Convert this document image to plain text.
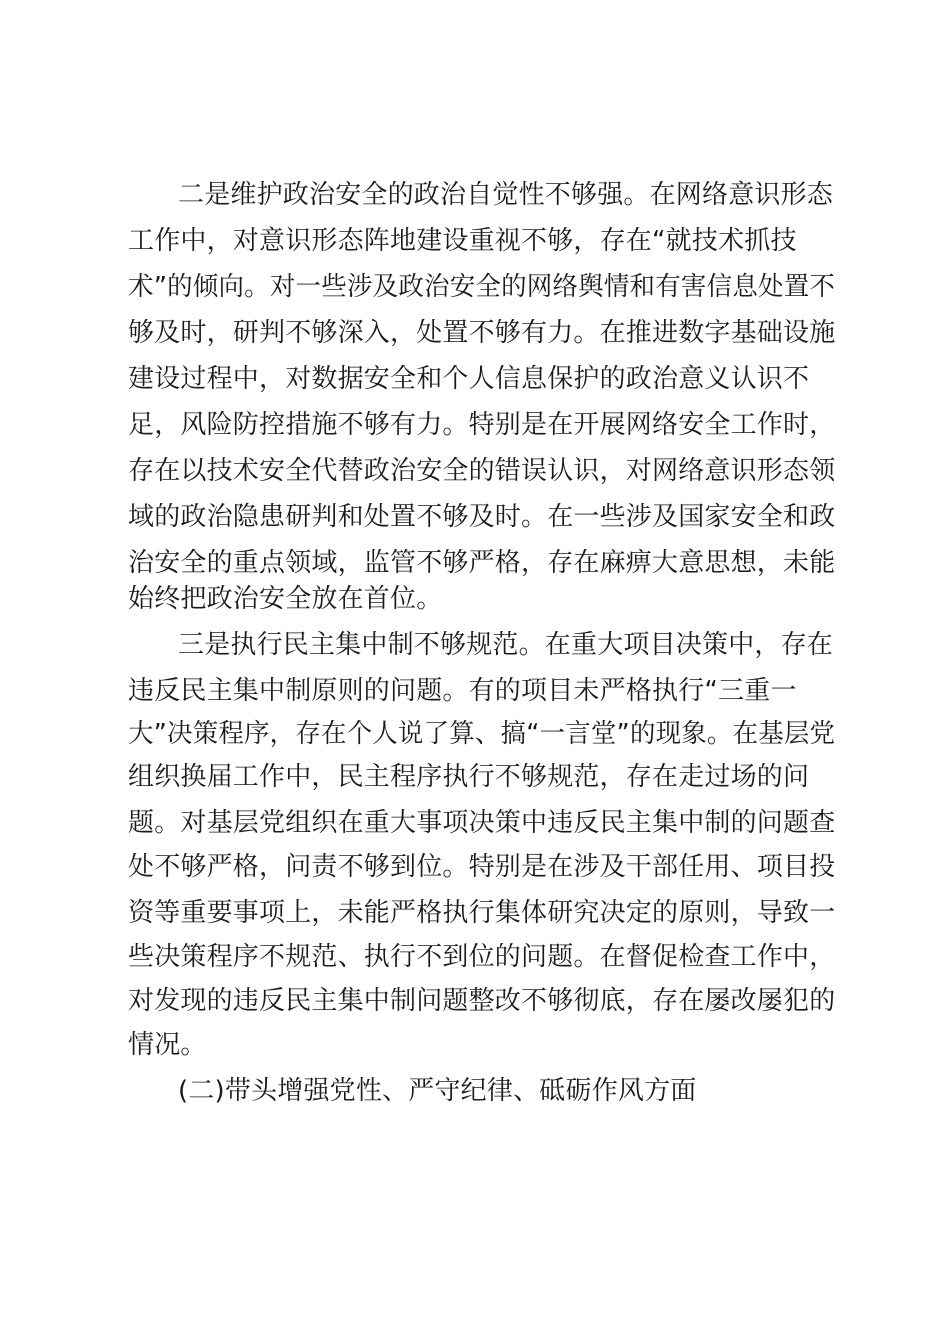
二是维护政治安全的政治自觉性不够强。在网络意识形态
工作中，对意识形态阵地建设重视不够，存在“就技术抓技
术”的倾向。对一些涉及政治安全的网络舆情和有害信息处置不
够及时，研判不够深入，处置不够有力。在推进数字基础设施
建设过程中，对数据安全和个人信息保护的政治意义认识不
足，风险防控措施不够有力。特别是在开展网络安全工作时，
存在以技术安全代替政治安全的错误认识，对网络意识形态领
域的政治隐患研判和处置不够及时。在一些涉及国家安全和政
治安全的重点领域，监管不够严格，存在麻痹大意思想，未能
始终把政治安全放在首位。
三是执行民主集中制不够规范。在重大项目决策中，存在
违反民主集中制原则的问题。有的项目未严格执行“三重一
大”决策程序，存在个人说了算、搞“一言堂”的现象。在基层党
组织换届工作中，民主程序执行不够规范，存在走过场的问
题。对基层党组织在重大事项决策中违反民主集中制的问题查
处不够严格，问责不够到位。特别是在涉及干部任用、项目投
资等重要事项上，未能严格执行集体研究决定的原则，导致一
些决策程序不规范、执行不到位的问题。在督促检查工作中，
对发现的违反民主集中制问题整改不够彻底，存在屡改屡犯的
情况。
(二)带头增强党性、严守纪律、砥砺作风方面
